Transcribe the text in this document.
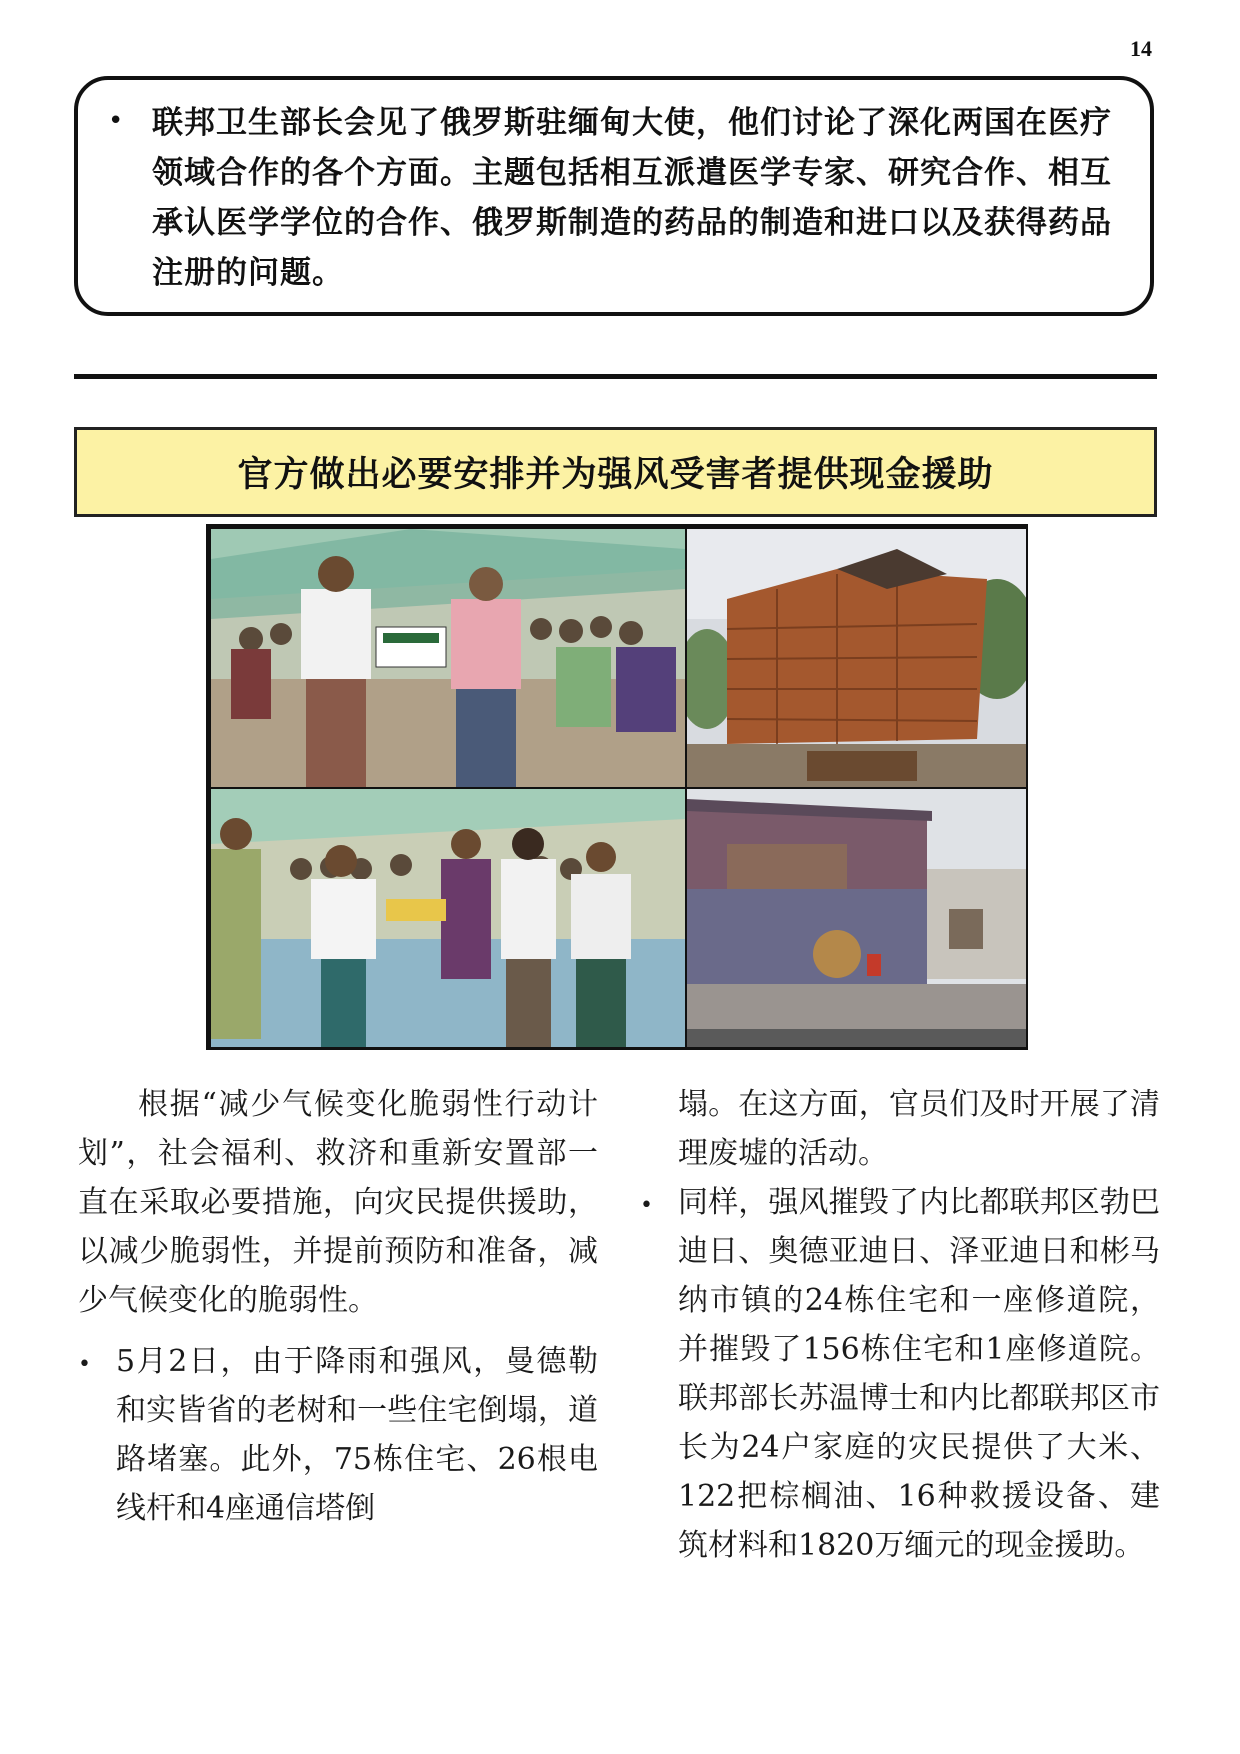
14
• 联邦卫生部长会见了俄罗斯驻缅甸大使，他们讨论了深化两国在医疗领域合作的各个方面。主题包括相互派遣医学专家、研究合作、相互承认医学学位的合作、俄罗斯制造的药品的制造和进口以及获得药品注册的问题。
官方做出必要安排并为强风受害者提供现金援助

根据“减少气候变化脆弱性行动计划”，社会福利、救济和重新安置部一直在采取必要措施，向灾民提供援助，以减少脆弱性，并提前预防和准备，减少气候变化的脆弱性。

• 5月2日，由于降雨和强风，曼德勒和实皆省的老树和一些住宅倒塌，道路堵塞。此外，75栋住宅、26根电线杆和4座通信塔倒
塌。在这方面，官员们及时开展了清理废墟的活动。
• 同样，强风摧毁了内比都联邦区勃巴迪日、奥德亚迪日、泽亚迪日和彬马纳市镇的24栋住宅和一座修道院，并摧毁了156栋住宅和1座修道院。联邦部长苏温博士和内比都联邦区市长为24户家庭的灾民提供了大米、122把棕榈油、16种救援设备、建筑材料和1820万缅元的现金援助。
